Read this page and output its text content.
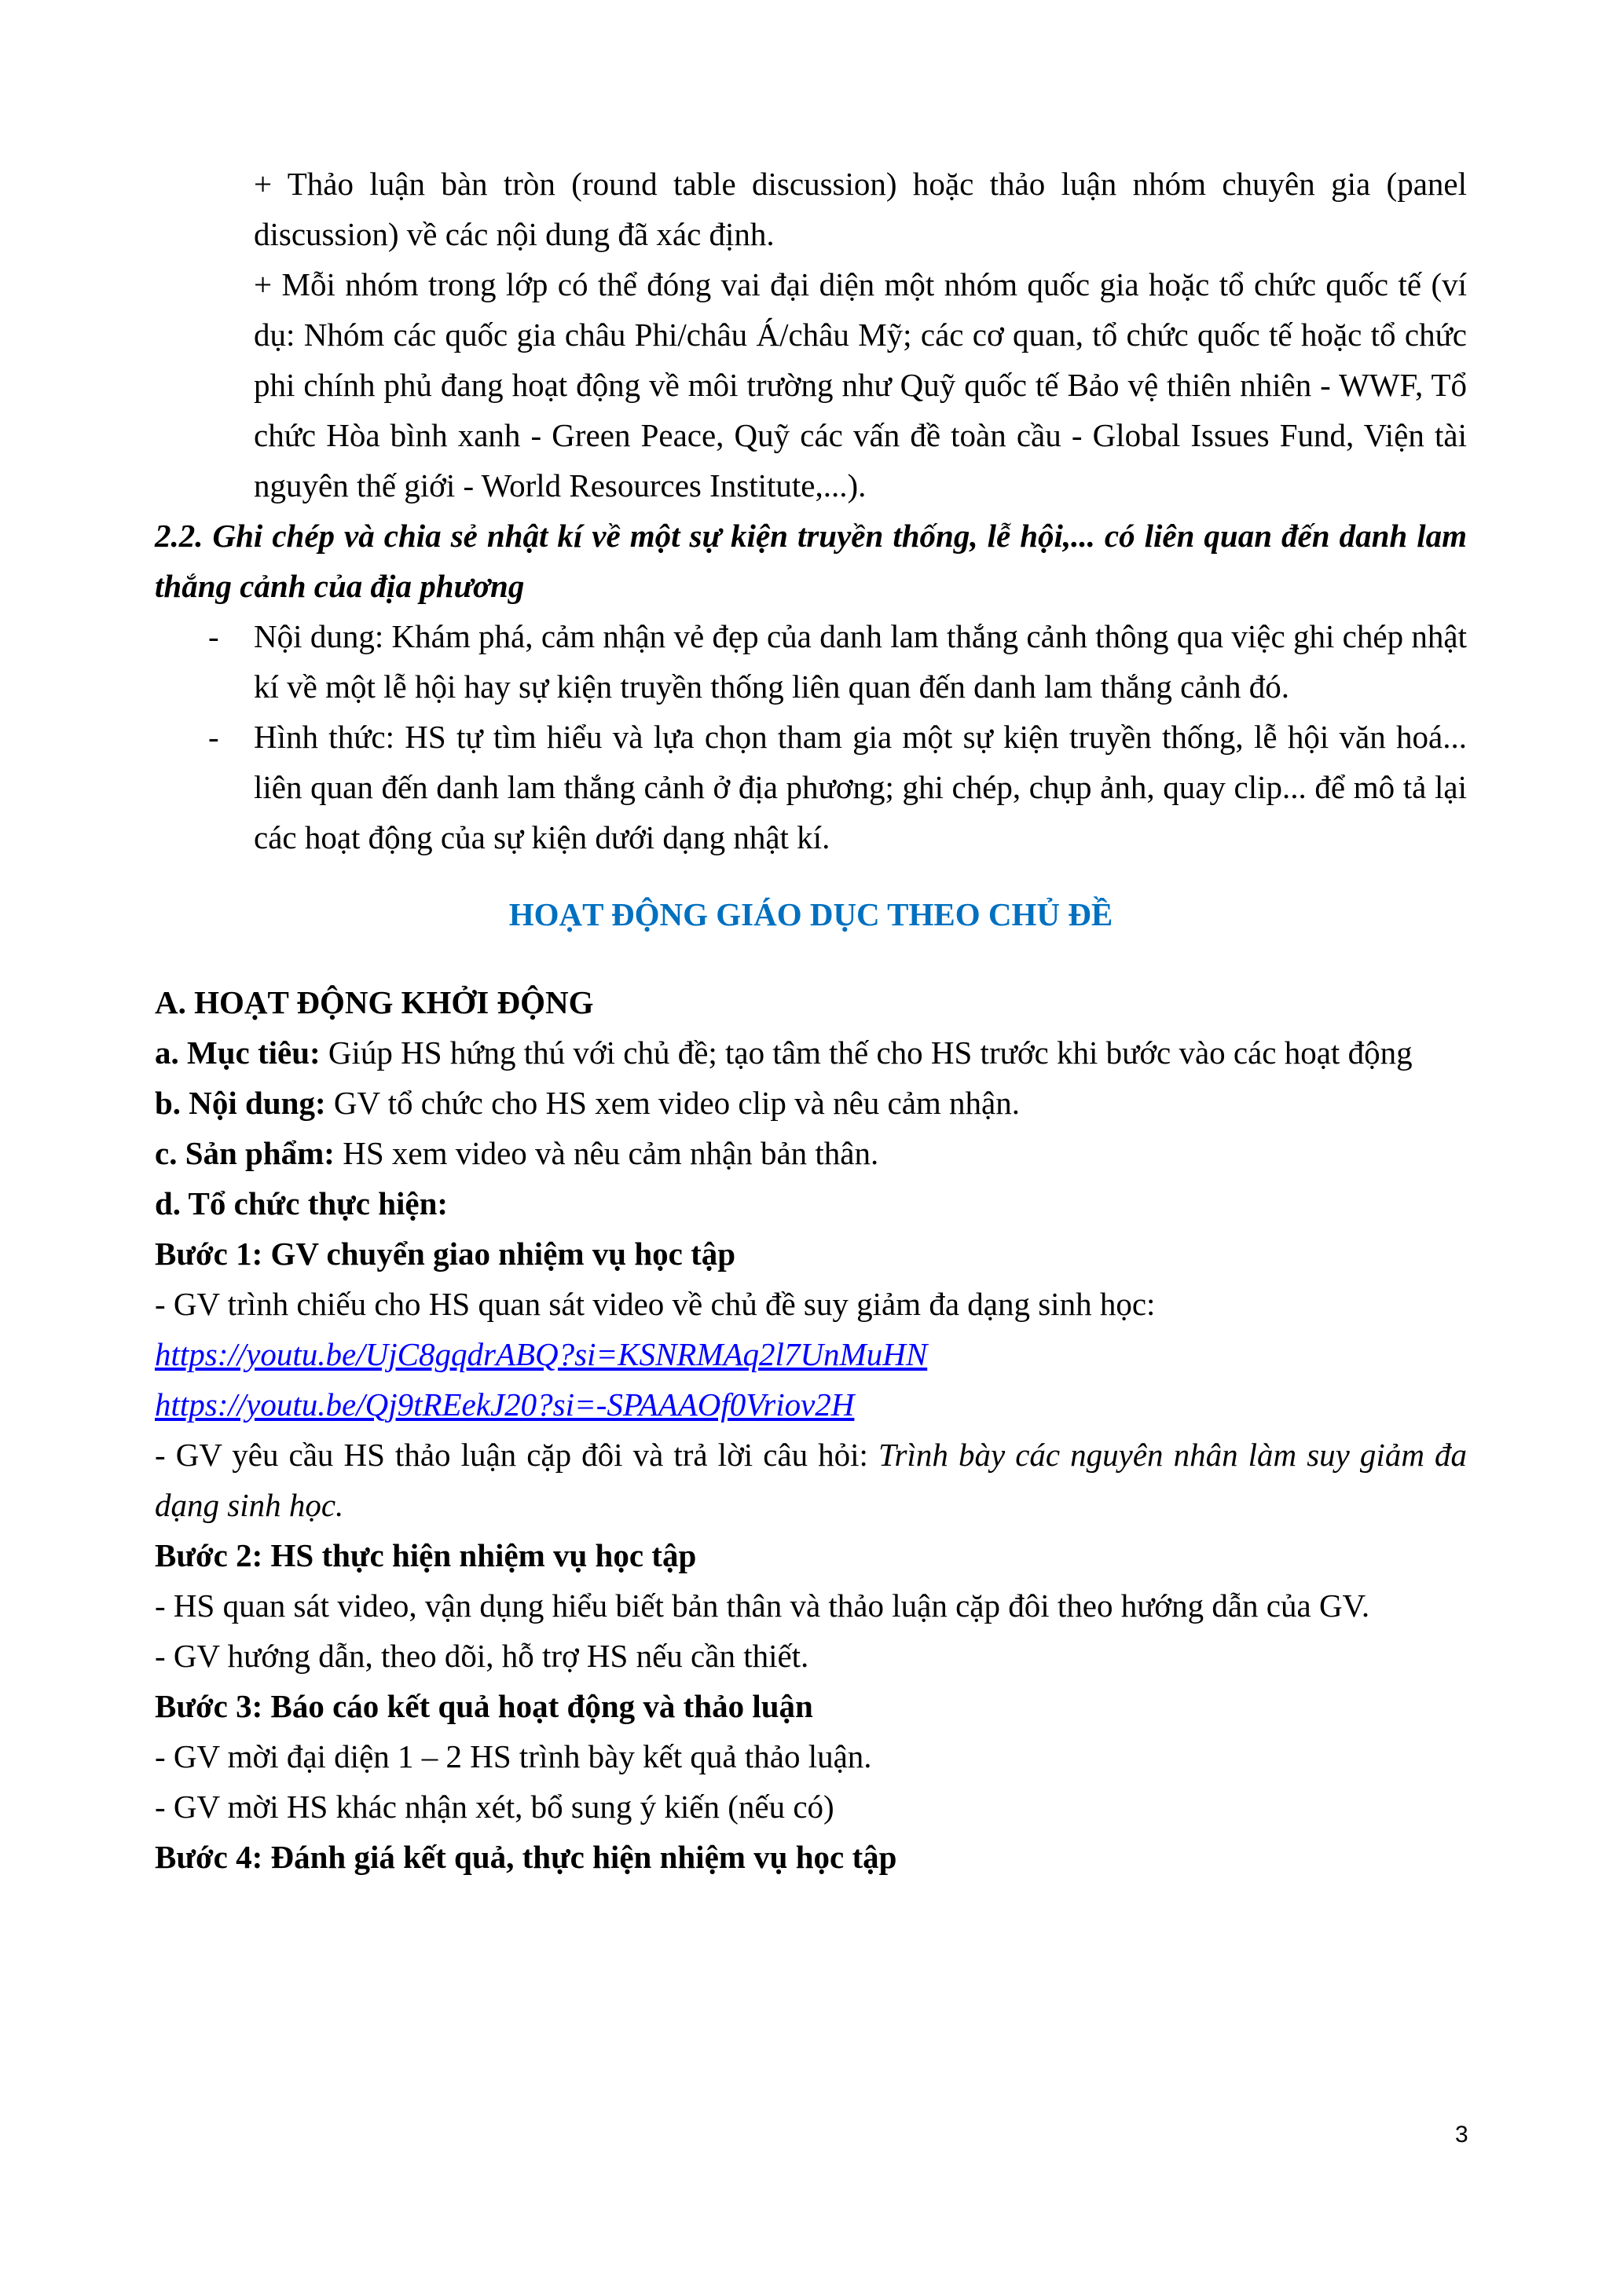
+ Thảo luận bàn tròn (round table discussion) hoặc thảo luận nhóm chuyên gia (panel discussion) về các nội dung đã xác định.

+ Mỗi nhóm trong lớp có thể đóng vai đại diện một nhóm quốc gia hoặc tổ chức quốc tế (ví dụ: Nhóm các quốc gia châu Phi/châu Á/châu Mỹ; các cơ quan, tổ chức quốc tế hoặc tổ chức phi chính phủ đang hoạt động về môi trường như Quỹ quốc tế Bảo vệ thiên nhiên - WWF, Tổ chức Hòa bình xanh - Green Peace, Quỹ các vấn đề toàn cầu - Global Issues Fund, Viện tài nguyên thế giới - World Resources Institute,...).

2.2. Ghi chép và chia sẻ nhật kí về một sự kiện truyền thống, lễ hội,... có liên quan đến danh lam thắng cảnh của địa phương

- Nội dung: Khám phá, cảm nhận vẻ đẹp của danh lam thắng cảnh thông qua việc ghi chép nhật kí về một lễ hội hay sự kiện truyền thống liên quan đến danh lam thắng cảnh đó.
- Hình thức: HS tự tìm hiểu và lựa chọn tham gia một sự kiện truyền thống, lễ hội văn hoá... liên quan đến danh lam thắng cảnh ở địa phương; ghi chép, chụp ảnh, quay clip... để mô tả lại các hoạt động của sự kiện dưới dạng nhật kí.

HOẠT ĐỘNG GIÁO DỤC THEO CHỦ ĐỀ

A. HOẠT ĐỘNG KHỞI ĐỘNG

a. Mục tiêu: Giúp HS hứng thú với chủ đề; tạo tâm thế cho HS trước khi bước vào các hoạt động

b. Nội dung: GV tổ chức cho HS xem video clip và nêu cảm nhận.

c. Sản phẩm: HS xem video và nêu cảm nhận bản thân.

d. Tổ chức thực hiện:

Bước 1: GV chuyển giao nhiệm vụ học tập

- GV trình chiếu cho HS quan sát video về chủ đề suy giảm đa dạng sinh học:

https://youtu.be/UjC8gqdrABQ?si=KSNRMAq2l7UnMuHN

https://youtu.be/Qj9tREekJ20?si=-SPAAAOf0Vriov2H

- GV yêu cầu HS thảo luận cặp đôi và trả lời câu hỏi: Trình bày các nguyên nhân làm suy giảm đa dạng sinh học.

Bước 2: HS thực hiện nhiệm vụ học tập

- HS quan sát video, vận dụng hiểu biết bản thân và thảo luận cặp đôi theo hướng dẫn của GV.

- GV hướng dẫn, theo dõi, hỗ trợ HS nếu cần thiết.

Bước 3: Báo cáo kết quả hoạt động và thảo luận

- GV mời đại diện 1 – 2 HS trình bày kết quả thảo luận.

- GV mời HS khác nhận xét, bổ sung ý kiến (nếu có)

Bước 4: Đánh giá kết quả, thực hiện nhiệm vụ học tập

3
